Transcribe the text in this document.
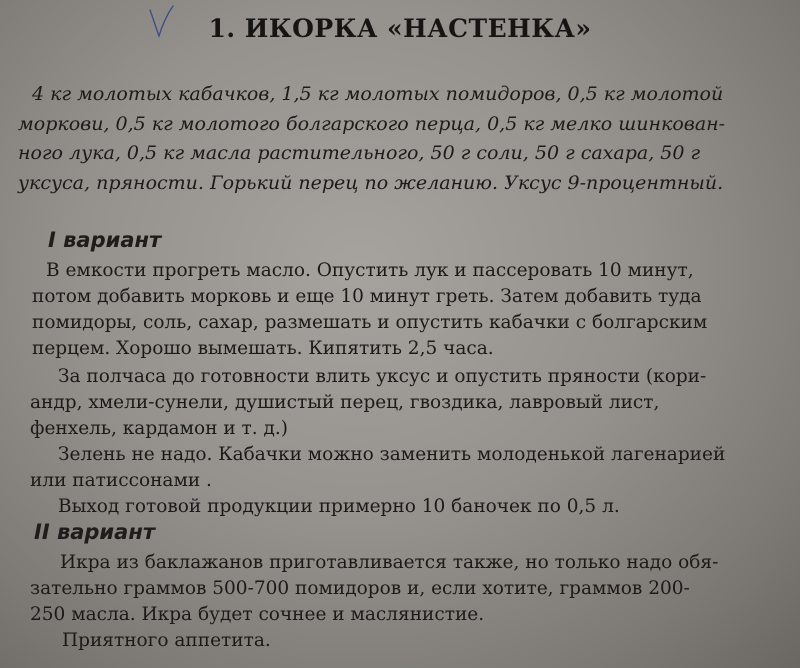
1. ИКОРКА «НАСТЕНКА»
4 кг молотых кабачков, 1,5 кг молотых помидоров, 0,5 кг молотой
моркови, 0,5 кг молотого болгарского перца, 0,5 кг мелко шинкован-
ного лука, 0,5 кг масла растительного, 50 г соли, 50 г сахара, 50 г
уксуса, пряности. Горький перец по желанию. Уксус 9-процентный.
I вариант
В емкости прогреть масло. Опустить лук и пассеровать 10 минут,
потом добавить морковь и еще 10 минут греть. Затем добавить туда
помидоры, соль, сахар, размешать и опустить кабачки с болгарским
перцем. Хорошо вымешать. Кипятить 2,5 часа.
За полчаса до готовности влить уксус и опустить пряности (кори-
андр, хмели-сунели, душистый перец, гвоздика, лавровый лист,
фенхель, кардамон и т. д.)
Зелень не надо. Кабачки можно заменить молоденькой лагенарией
или патиссонами .
Выход готовой продукции примерно 10 баночек по 0,5 л.
II вариант
Икра из баклажанов приготавливается также, но только надо обя-
зательно граммов 500-700 помидоров и, если хотите, граммов 200-
250 масла. Икра будет сочнее и маслянистие.
Приятного аппетита.
